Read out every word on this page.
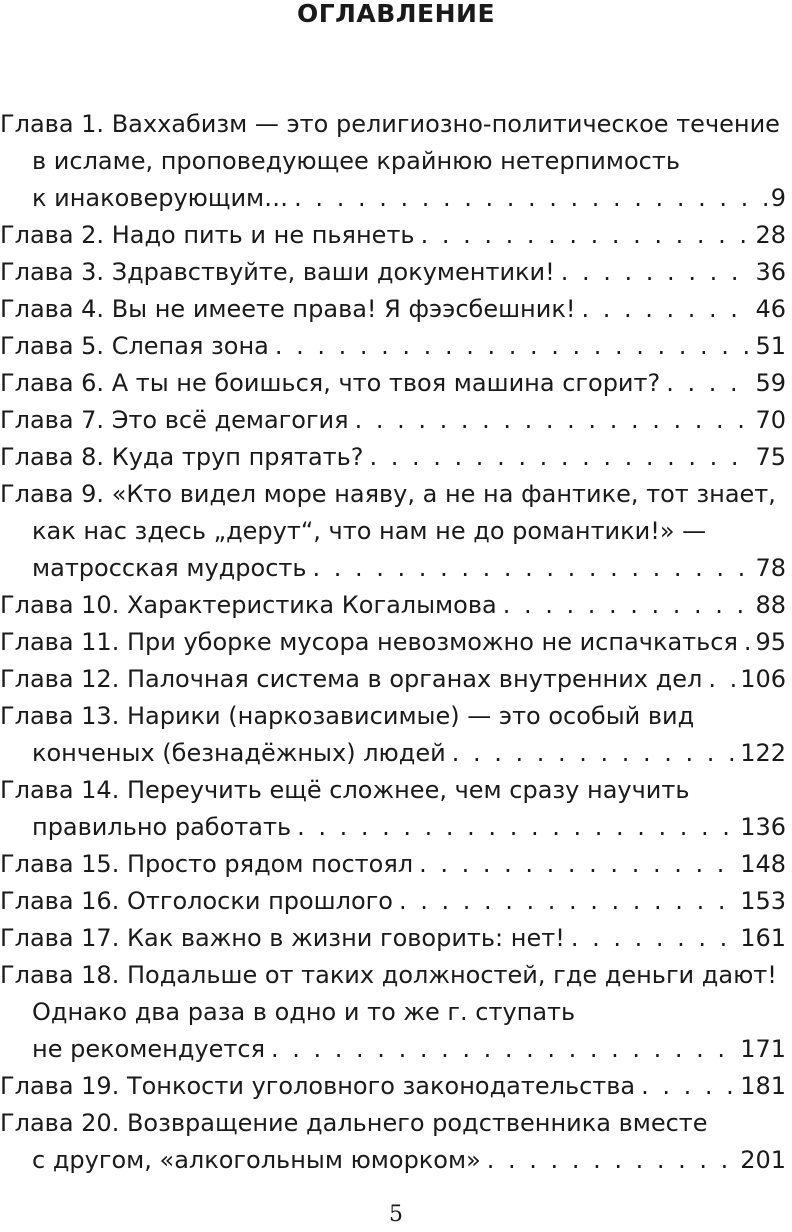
ОГЛАВЛЕНИЕ
Глава 1. Ваххабизм — это религиозно-политическое течение
в исламе, проповедующее крайнюю нетерпимость
к инаковерующим… . . .	9
Глава 2. Надо пить и не пьянеть . . .	28
Глава 3. Здравствуйте, ваши документики! . . .	36
Глава 4. Вы не имеете права! Я фээсбешник! . . .	46
Глава 5. Слепая зона . . .	51
Глава 6. А ты не боишься, что твоя машина сгорит? . . .	59
Глава 7. Это всё демагогия . . .	70
Глава 8. Куда труп прятать? . . .	75
Глава 9. «Кто видел море наяву, а не на фантике, тот знает,
как нас здесь „дерут“, что нам не до романтики!» —
матросская мудрость . . .	78
Глава 10. Характеристика Когалымова . . .	88
Глава 11. При уборке мусора невозможно не испачкаться . . . 95
Глава 12. Палочная система в органах внутренних дел . . . 106
Глава 13. Нарики (наркозависимые) — это особый вид
конченых (безнадёжных) людей . . .	122
Глава 14. Переучить ещё сложнее, чем сразу научить
правильно работать . . .	136
Глава 15. Просто рядом постоял . . .	148
Глава 16. Отголоски прошлого . . .	153
Глава 17. Как важно в жизни говорить: нет! . . .	161
Глава 18. Подальше от таких должностей, где деньги дают!
Однако два раза в одно и то же г. ступать
не рекомендуется . . .	171
Глава 19. Тонкости уголовного законодательства . . .	181
Глава 20. Возвращение дальнего родственника вместе
с другом, «алкогольным юморком» . . .	201
5
